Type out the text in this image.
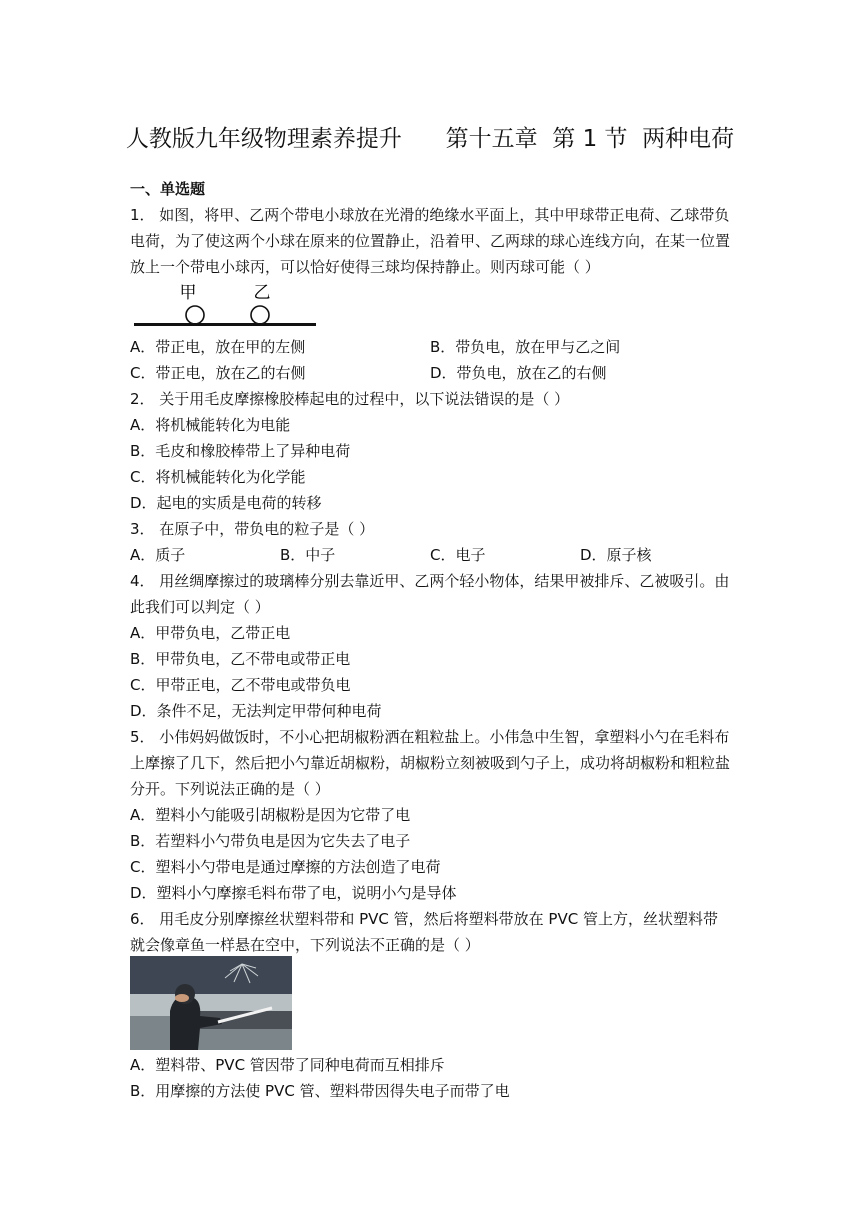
人教版九年级物理素养提升      第十五章  第 1 节  两种电荷
一、单选题
1． 如图，将甲、乙两个带电小球放在光滑的绝缘水平面上，其中甲球带正电荷、乙球带负
电荷，为了使这两个小球在原来的位置静止，沿着甲、乙两球的球心连线方向，在某一位置
放上一个带电小球丙，可以恰好使得三球均保持静止。则丙球可能（ ）
甲	乙
A．带正电，放在甲的左侧	B．带负电，放在甲与乙之间
C．带正电，放在乙的右侧	D．带负电，放在乙的右侧
2． 关于用毛皮摩擦橡胶棒起电的过程中，以下说法错误的是（ ）
A．将机械能转化为电能
B．毛皮和橡胶棒带上了异种电荷
C．将机械能转化为化学能
D．起电的实质是电荷的转移
3． 在原子中，带负电的粒子是（ ）
A．质子	B．中子	C．电子	D．原子核
4． 用丝绸摩擦过的玻璃棒分别去靠近甲、乙两个轻小物体，结果甲被排斥、乙被吸引。由
此我们可以判定（ ）
A．甲带负电，乙带正电
B．甲带负电，乙不带电或带正电
C．甲带正电，乙不带电或带负电
D．条件不足，无法判定甲带何种电荷
5． 小伟妈妈做饭时，不小心把胡椒粉洒在粗粒盐上。小伟急中生智，拿塑料小勺在毛料布
上摩擦了几下，然后把小勺靠近胡椒粉，胡椒粉立刻被吸到勺子上，成功将胡椒粉和粗粒盐
分开。下列说法正确的是（ ）
A．塑料小勺能吸引胡椒粉是因为它带了电
B．若塑料小勺带负电是因为它失去了电子
C．塑料小勺带电是通过摩擦的方法创造了电荷
D．塑料小勺摩擦毛料布带了电，说明小勺是导体
6． 用毛皮分别摩擦丝状塑料带和 PVC 管，然后将塑料带放在 PVC 管上方，丝状塑料带
就会像章鱼一样悬在空中，下列说法不正确的是（ ）
A．塑料带、PVC 管因带了同种电荷而互相排斥
B．用摩擦的方法使 PVC 管、塑料带因得失电子而带了电
